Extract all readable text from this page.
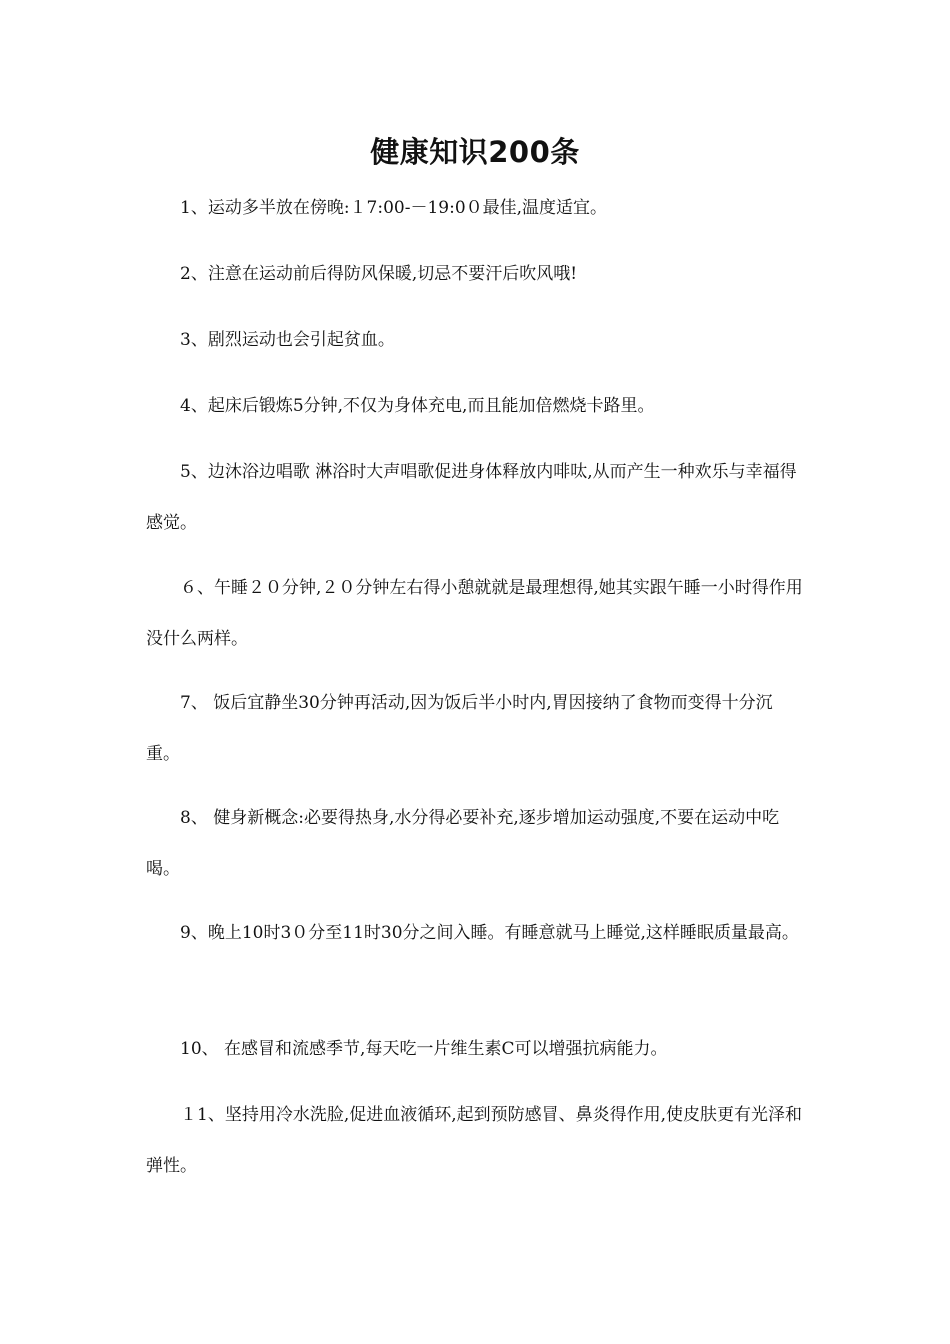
健康知识200条

1、运动多半放在傍晚:１7:00-－19:0０最佳,温度适宜。

2、注意在运动前后得防风保暖,切忌不要汗后吹风哦!

3、剧烈运动也会引起贫血。

4、起床后锻炼5分钟,不仅为身体充电,而且能加倍燃烧卡路里。

5、边沐浴边唱歌 淋浴时大声唱歌促进身体释放内啡呔,从而产生一种欢乐与幸福得感觉。

６、午睡２０分钟,２０分钟左右得小憩就就是最理想得,她其实跟午睡一小时得作用没什么两样。

7、 饭后宜静坐30分钟再活动,因为饭后半小时内,胃因接纳了食物而变得十分沉重。

8、 健身新概念:必要得热身,水分得必要补充,逐步增加运动强度,不要在运动中吃喝。

9、晚上10时3０分至11时30分之间入睡。有睡意就马上睡觉,这样睡眠质量最高。

10、 在感冒和流感季节,每天吃一片维生素C可以增强抗病能力。

１1、坚持用冷水洗脸,促进血液循环,起到预防感冒、鼻炎得作用,使皮肤更有光泽和弹性。
